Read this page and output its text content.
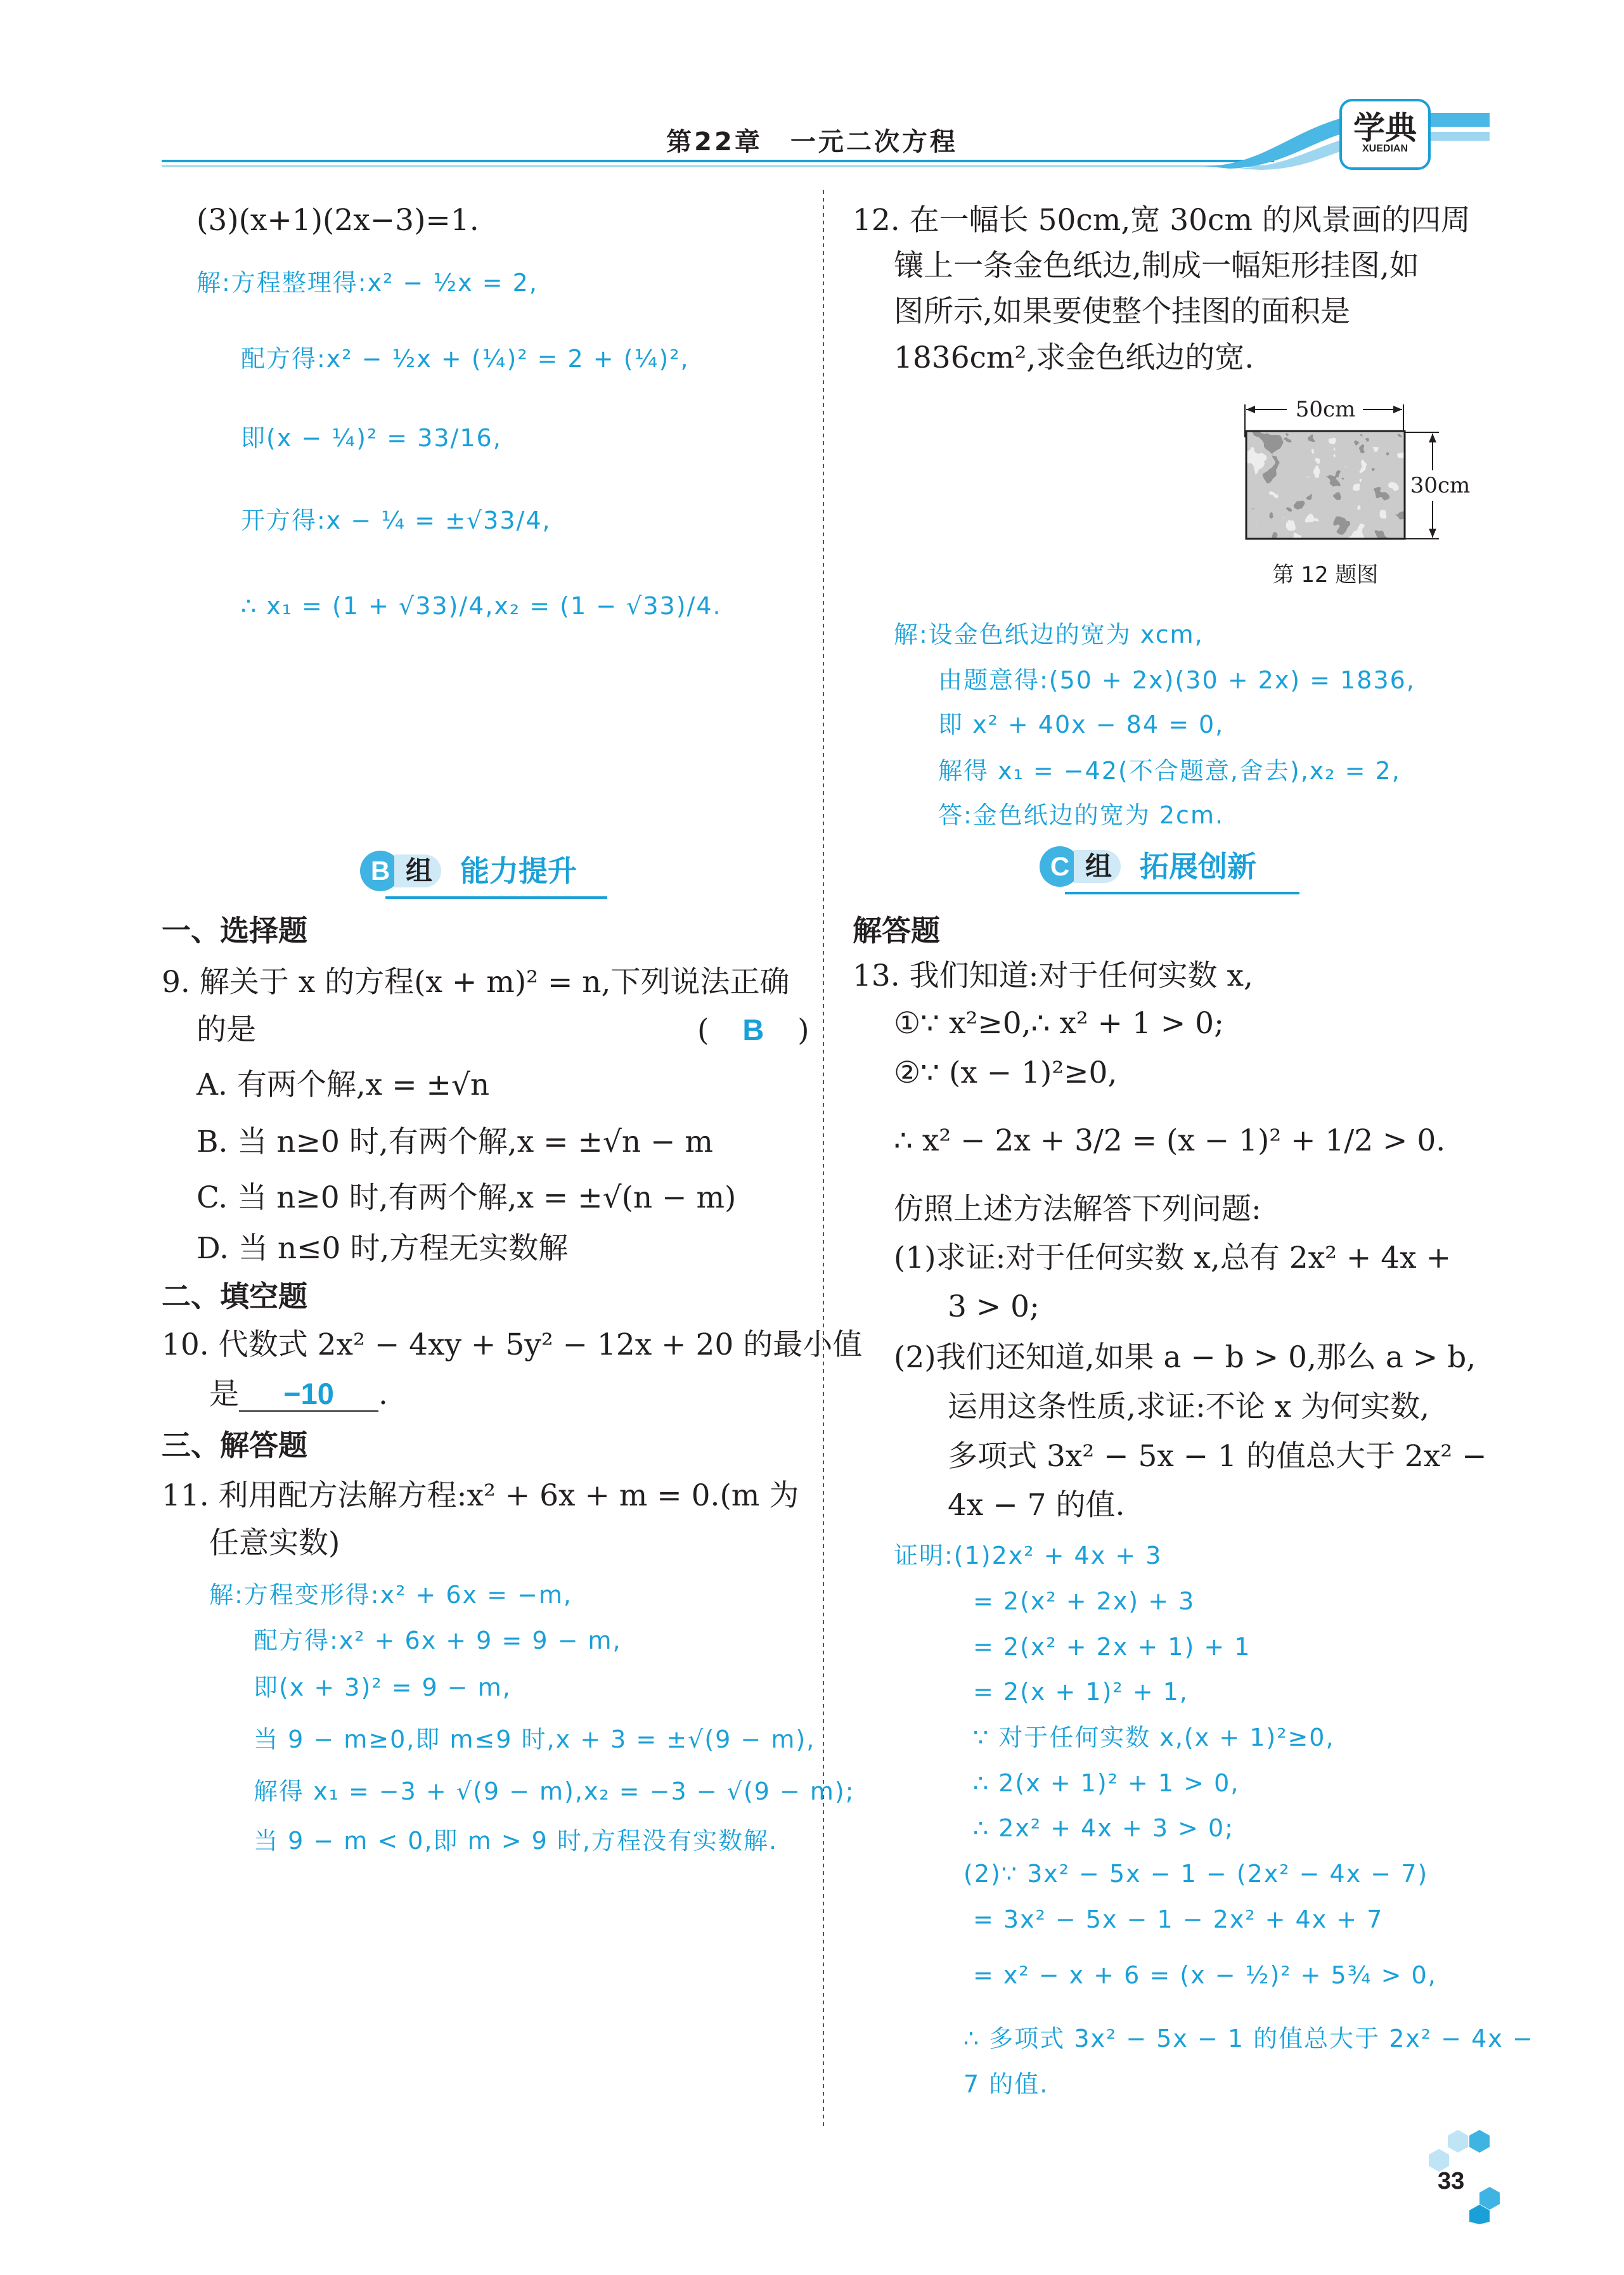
第22章　一元二次方程	学典
XUEDIAN
(3)(x+1)(2x−3)=1.
解:方程整理得:x² − ½x = 2,
配方得:x² − ½x + (¼)² = 2 + (¼)²,
即(x − ¼)² = 33/16,
开方得:x − ¼ = ±√33/4,
∴ x₁ = (1 + √33)/4,x₂ = (1 − √33)/4.
B 组 能力提升
一、选择题
9. 解关于 x 的方程(x + m)² = n,下列说法正确
的是	( B )
A. 有两个解,x = ±√n
B. 当 n≥0 时,有两个解,x = ±√n − m
C. 当 n≥0 时,有两个解,x = ±√(n − m)
D. 当 n≤0 时,方程无实数解
二、填空题
10. 代数式 2x² − 4xy + 5y² − 12x + 20 的最小值
是 −10 .
三、解答题
11. 利用配方法解方程:x² + 6x + m = 0.(m 为
任意实数)
解:方程变形得:x² + 6x = −m,
配方得:x² + 6x + 9 = 9 − m,
即(x + 3)² = 9 − m,
当 9 − m≥0,即 m≤9 时,x + 3 = ±√(9 − m),
解得 x₁ = −3 + √(9 − m),x₂ = −3 − √(9 − m);
当 9 − m < 0,即 m > 9 时,方程没有实数解.
12. 在一幅长 50cm,宽 30cm 的风景画的四周
镶上一条金色纸边,制成一幅矩形挂图,如
图所示,如果要使整个挂图的面积是
1836cm²,求金色纸边的宽.
50cm
30cm
第 12 题图
解:设金色纸边的宽为 xcm,
由题意得:(50 + 2x)(30 + 2x) = 1836,
即 x² + 40x − 84 = 0,
解得 x₁ = −42(不合题意,舍去),x₂ = 2,
答:金色纸边的宽为 2cm.
C 组 拓展创新
解答题
13. 我们知道:对于任何实数 x,
①∵ x²≥0,∴ x² + 1 > 0;
②∵ (x − 1)²≥0,
∴ x² − 2x + 3/2 = (x − 1)² + 1/2 > 0.
仿照上述方法解答下列问题:
(1)求证:对于任何实数 x,总有 2x² + 4x +
3 > 0;
(2)我们还知道,如果 a − b > 0,那么 a > b,
运用这条性质,求证:不论 x 为何实数,
多项式 3x² − 5x − 1 的值总大于 2x² −
4x − 7 的值.
证明:(1)2x² + 4x + 3
= 2(x² + 2x) + 3
= 2(x² + 2x + 1) + 1
= 2(x + 1)² + 1,
∵ 对于任何实数 x,(x + 1)²≥0,
∴ 2(x + 1)² + 1 > 0,
∴ 2x² + 4x + 3 > 0;
(2)∵ 3x² − 5x − 1 − (2x² − 4x − 7)
= 3x² − 5x − 1 − 2x² + 4x + 7
= x² − x + 6 = (x − ½)² + 5¾ > 0,
∴ 多项式 3x² − 5x − 1 的值总大于 2x² − 4x −
7 的值.
33
